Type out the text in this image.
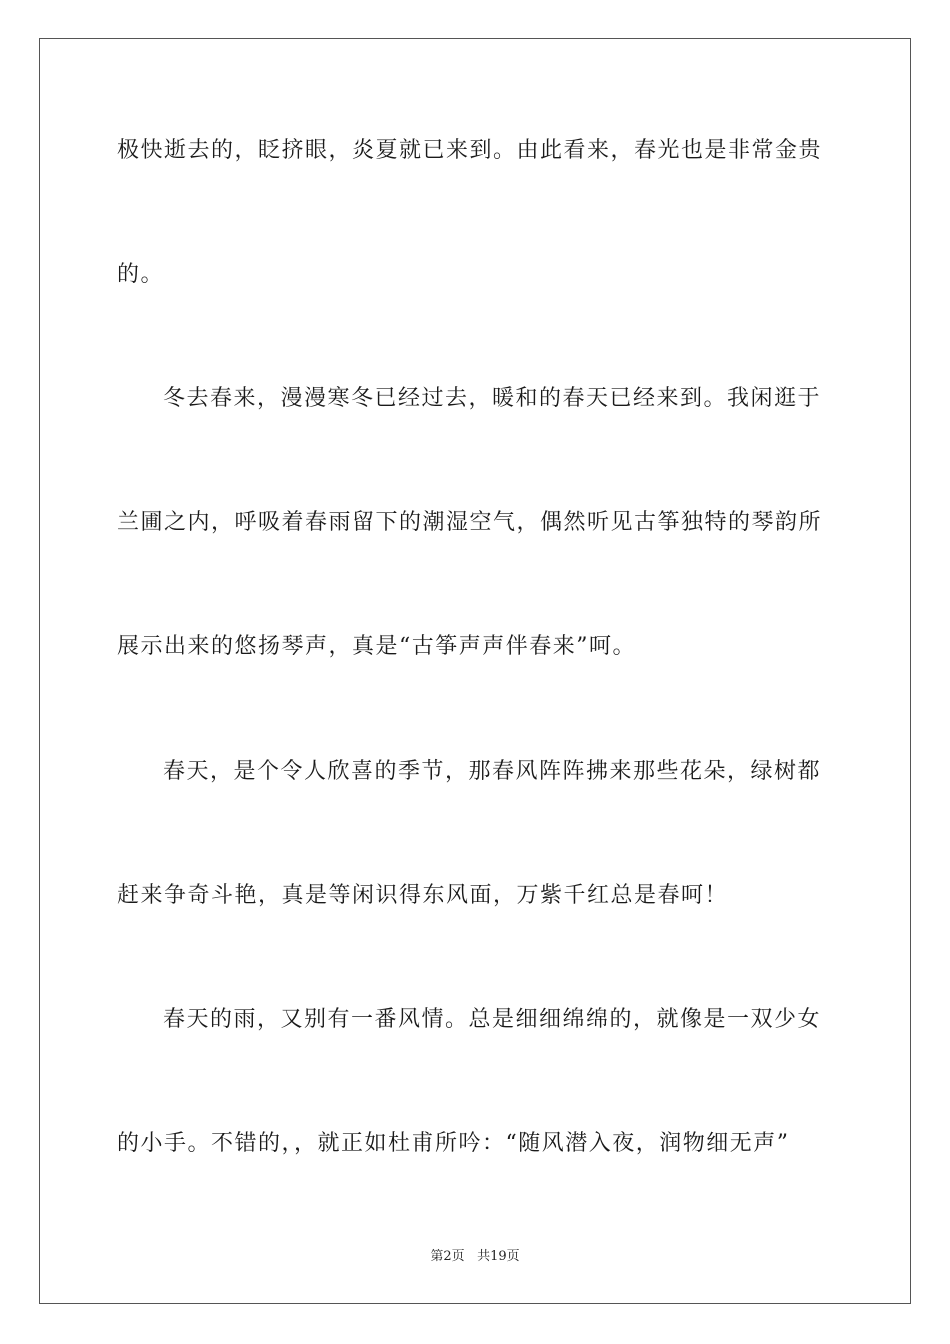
极快逝去的，眨挤眼，炎夏就已来到。由此看来，春光也是非常金贵
的。
冬去春来，漫漫寒冬已经过去，暖和的春天已经来到。我闲逛于
兰圃之内，呼吸着春雨留下的潮湿空气，偶然听见古筝独特的琴韵所
展示出来的悠扬琴声，真是“古筝声声伴春来”呵。
春天，是个令人欣喜的季节，那春风阵阵拂来那些花朵，绿树都
赶来争奇斗艳，真是等闲识得东风面，万紫千红总是春呵！
春天的雨，又别有一番风情。总是细细绵绵的，就像是一双少女
的小手。不错的，，就正如杜甫所吟：“随风潜入夜，润物细无声”
第2页 共19页
